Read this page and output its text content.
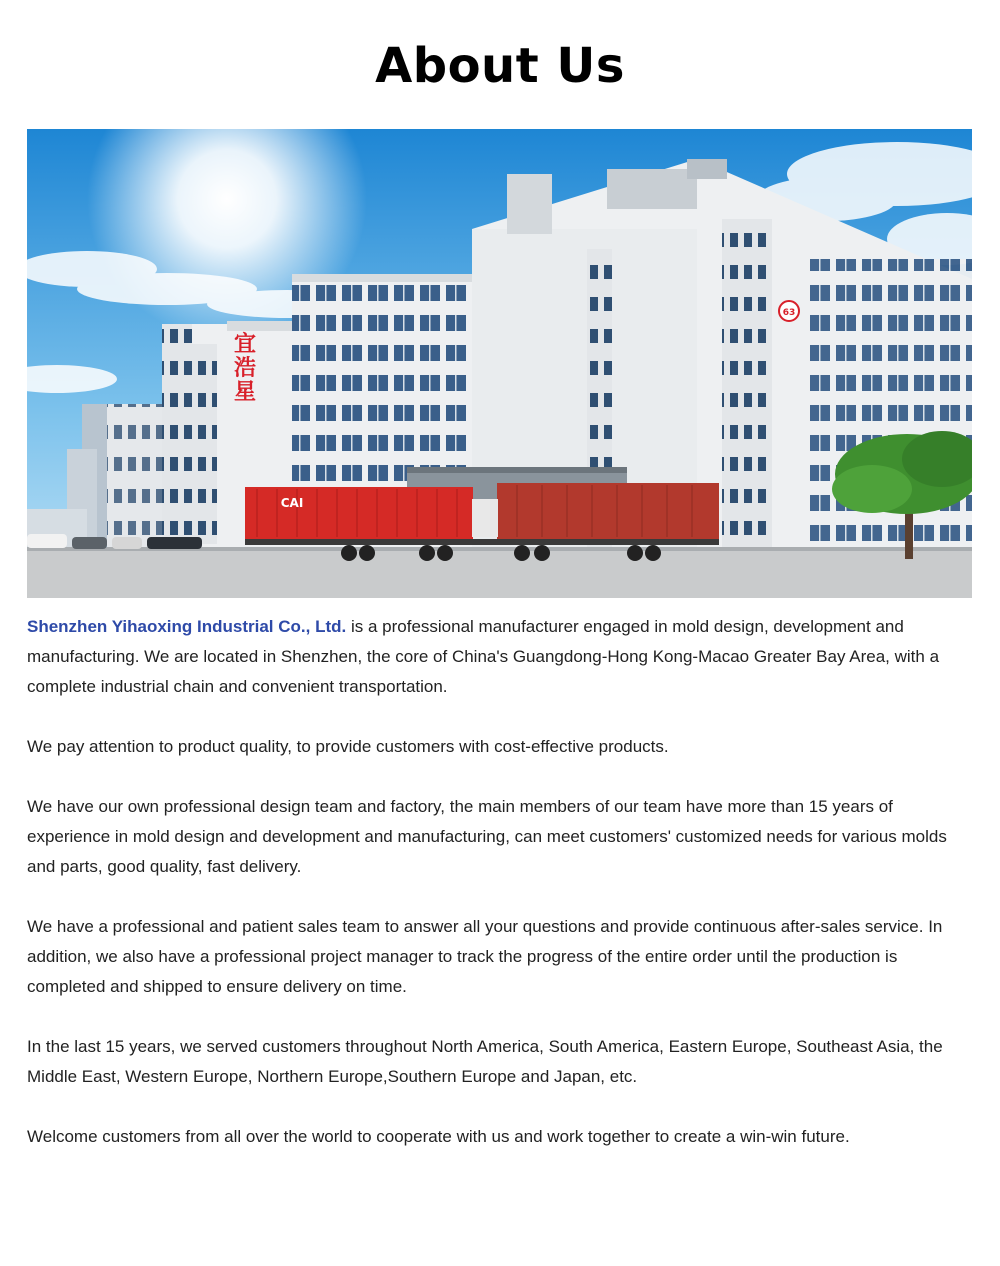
About Us
宜
浩
星
63
CAI

Shenzhen Yihaoxing Industrial Co., Ltd. is a professional manufacturer engaged in mold design, development and manufacturing. We are located in Shenzhen, the core of China's Guangdong-Hong Kong-Macao Greater Bay Area, with a complete industrial chain and convenient transportation.

We pay attention to product quality, to provide customers with cost-effective products.

We have our own professional design team and factory, the main members of our team have more than 15 years of experience in mold design and development and manufacturing, can meet customers' customized needs for various molds and parts, good quality, fast delivery.

We have a professional and patient sales team to answer all your questions and provide continuous after-sales service. In addition, we also have a professional project manager to track the progress of the entire order until the production is completed and shipped to ensure delivery on time.

In the last 15 years, we served customers throughout North America, South America, Eastern Europe, Southeast Asia, the Middle East, Western Europe, Northern Europe,Southern Europe and Japan, etc.

Welcome customers from all over the world to cooperate with us and work together to create a win-win future.
